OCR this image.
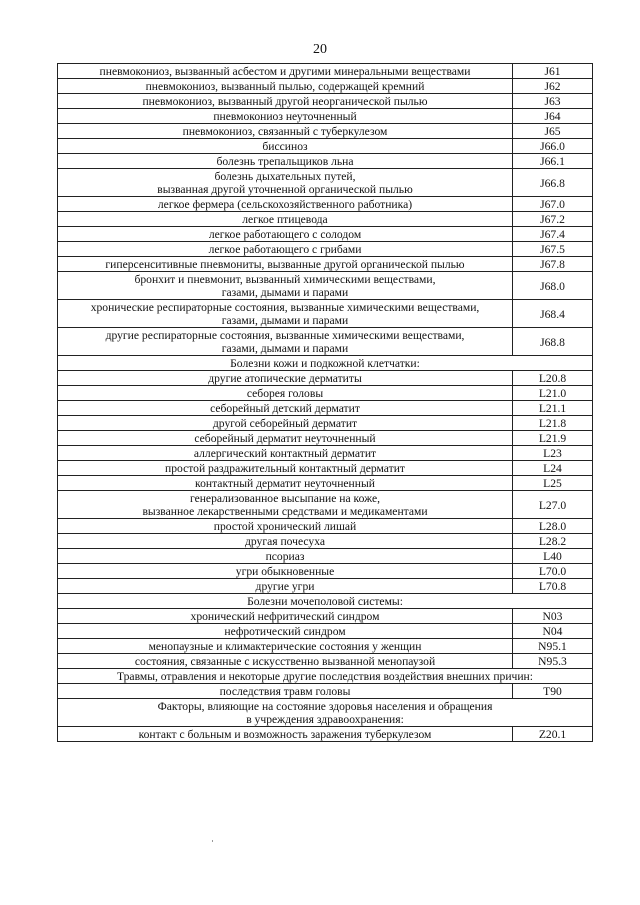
20
пневмокониоз, вызванный асбестом и другими минеральными веществами	J61

пневмокониоз, вызванный пылью, содержащей кремний	J62

пневмокониоз, вызванный другой неорганической пылью	J63

пневмокониоз неуточненный	J64

пневмокониоз, связанный с туберкулезом	J65

биссиноз	J66.0

болезнь трепальщиков льна	J66.1

болезнь дыхательных путей,
вызванная другой уточненной органической пылью	J66.8

легкое фермера (сельскохозяйственного работника)	J67.0

легкое птицевода	J67.2

легкое работающего с солодом	J67.4

легкое работающего с грибами	J67.5

гиперсенситивные пневмониты, вызванные другой органической пылью	J67.8

бронхит и пневмонит, вызванный химическими веществами,
газами, дымами и парами	J68.0

хронические респираторные состояния, вызванные химическими веществами,
газами, дымами и парами	J68.4

другие респираторные состояния, вызванные химическими веществами,
газами, дымами и парами	J68.8

Болезни кожи и подкожной клетчатки:	

другие атопические дерматиты	L20.8

себорея головы	L21.0

себорейный детский дерматит	L21.1

другой себорейный дерматит	L21.8

себорейный дерматит неуточненный	L21.9

аллергический контактный дерматит	L23

простой раздражительный контактный дерматит	L24

контактный дерматит неуточненный	L25

генерализованное высыпание на коже,
вызванное лекарственными средствами и медикаментами	L27.0

простой хронический лишай	L28.0

другая почесуха	L28.2

псориаз	L40

угри обыкновенные	L70.0

другие угри	L70.8

Болезни мочеполовой системы:	

хронический нефритический синдром	N03

нефротический синдром	N04

менопаузные и климактерические состояния у женщин	N95.1

состояния, связанные с искусственно вызванной менопаузой	N95.3

Травмы, отравления и некоторые другие последствия воздействия внешних причин:	

последствия травм головы	T90

Факторы, влияющие на состояние здоровья населения и обращения
в учреждения здравоохранения:	

контакт с больным и возможность заражения туберкулезом	Z20.1
